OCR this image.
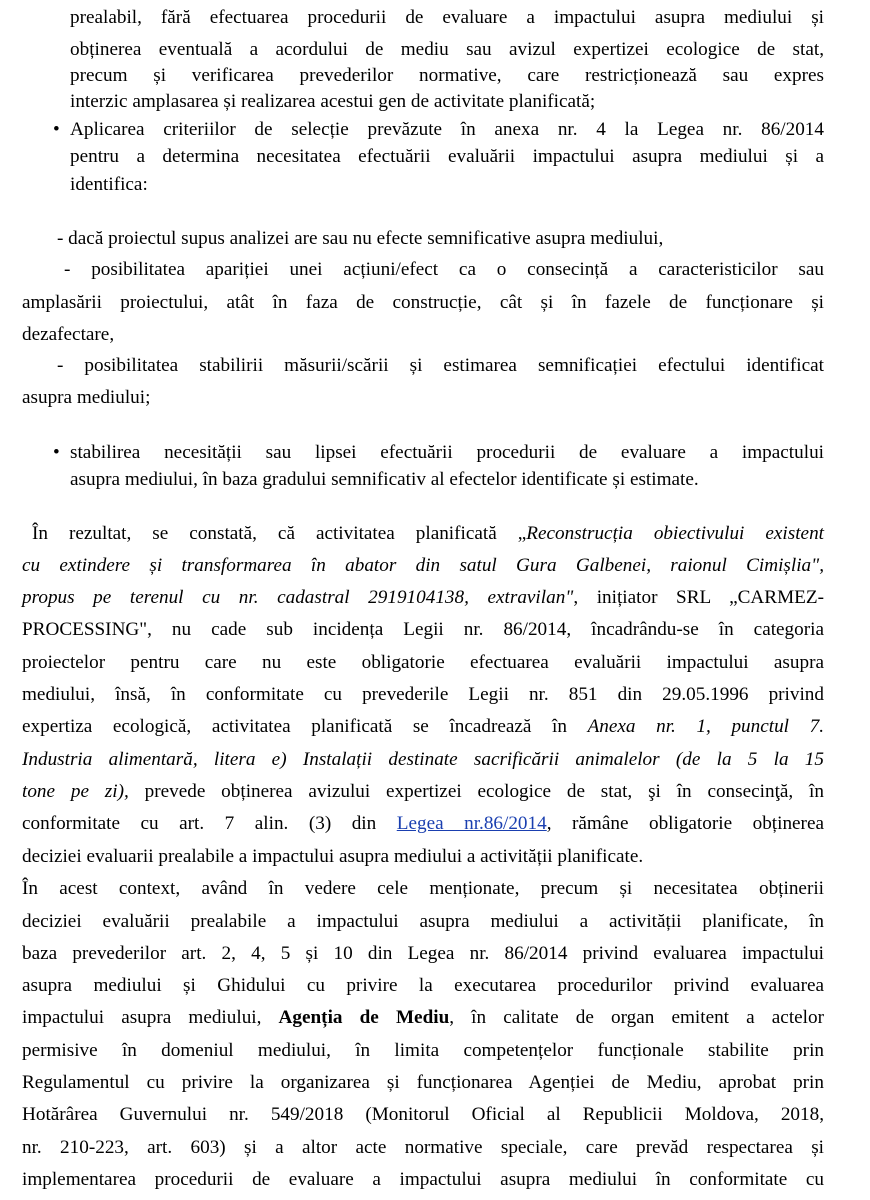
prealabil, fără efectuarea procedurii de evaluare a impactului asupra mediului și
obținerea eventuală a acordului de mediu sau avizul expertizei ecologice de stat,
precum și verificarea prevederilor normative, care restricționează sau expres
interzic amplasarea și realizarea acestui gen de activitate planificată;
• Aplicarea criteriilor de selecție prevăzute în anexa nr. 4 la Legea nr. 86/2014
pentru a determina necesitatea efectuării evaluării impactului asupra mediului și a
identifica:
- dacă proiectul supus analizei are sau nu efecte semnificative asupra mediului,
- posibilitatea apariției unei acțiuni/efect ca o consecință a caracteristicilor sau
amplasării proiectului, atât în faza de construcție, cât și în fazele de funcționare și
dezafectare,
- posibilitatea stabilirii măsurii/scării și estimarea semnificației efectului identificat
asupra mediului;
• stabilirea necesității sau lipsei efectuării procedurii de evaluare a impactului
asupra mediului, în baza gradului semnificativ al efectelor identificate și estimate.
În rezultat, se constată, că activitatea planificată „Reconstrucția obiectivului existent
cu extindere și transformarea în abator din satul Gura Galbenei, raionul Cimișlia",
propus pe terenul cu nr. cadastral 2919104138, extravilan", inițiator SRL „CARMEZ-
PROCESSING", nu cade sub incidența Legii nr. 86/2014, încadrându-se în categoria
proiectelor pentru care nu este obligatorie efectuarea evaluării impactului asupra
mediului, însă, în conformitate cu prevederile Legii nr. 851 din 29.05.1996 privind
expertiza ecologică, activitatea planificată se încadrează în Anexa nr. 1, punctul 7.
Industria alimentară, litera e) Instalații destinate sacrificării animalelor (de la 5 la 15
tone pe zi), prevede obținerea avizului expertizei ecologice de stat, şi în consecinţă, în
conformitate cu art. 7 alin. (3) din Legea nr.86/2014, rămâne obligatorie obținerea
deciziei evaluarii prealabile a impactului asupra mediului a activității planificate.
În acest context, având în vedere cele menționate, precum și necesitatea obținerii
deciziei evaluării prealabile a impactului asupra mediului a activității planificate, în
baza prevederilor art. 2, 4, 5 și 10 din Legea nr. 86/2014 privind evaluarea impactului
asupra mediului și Ghidului cu privire la executarea procedurilor privind evaluarea
impactului asupra mediului, Agenția de Mediu, în calitate de organ emitent a actelor
permisive în domeniul mediului, în limita competențelor funcționale stabilite prin
Regulamentul cu privire la organizarea și funcționarea Agenției de Mediu, aprobat prin
Hotărârea Guvernului nr. 549/2018 (Monitorul Oficial al Republicii Moldova, 2018,
nr. 210-223, art. 603) și a altor acte normative speciale, care prevăd respectarea și
implementarea procedurii de evaluare a impactului asupra mediului în conformitate cu
